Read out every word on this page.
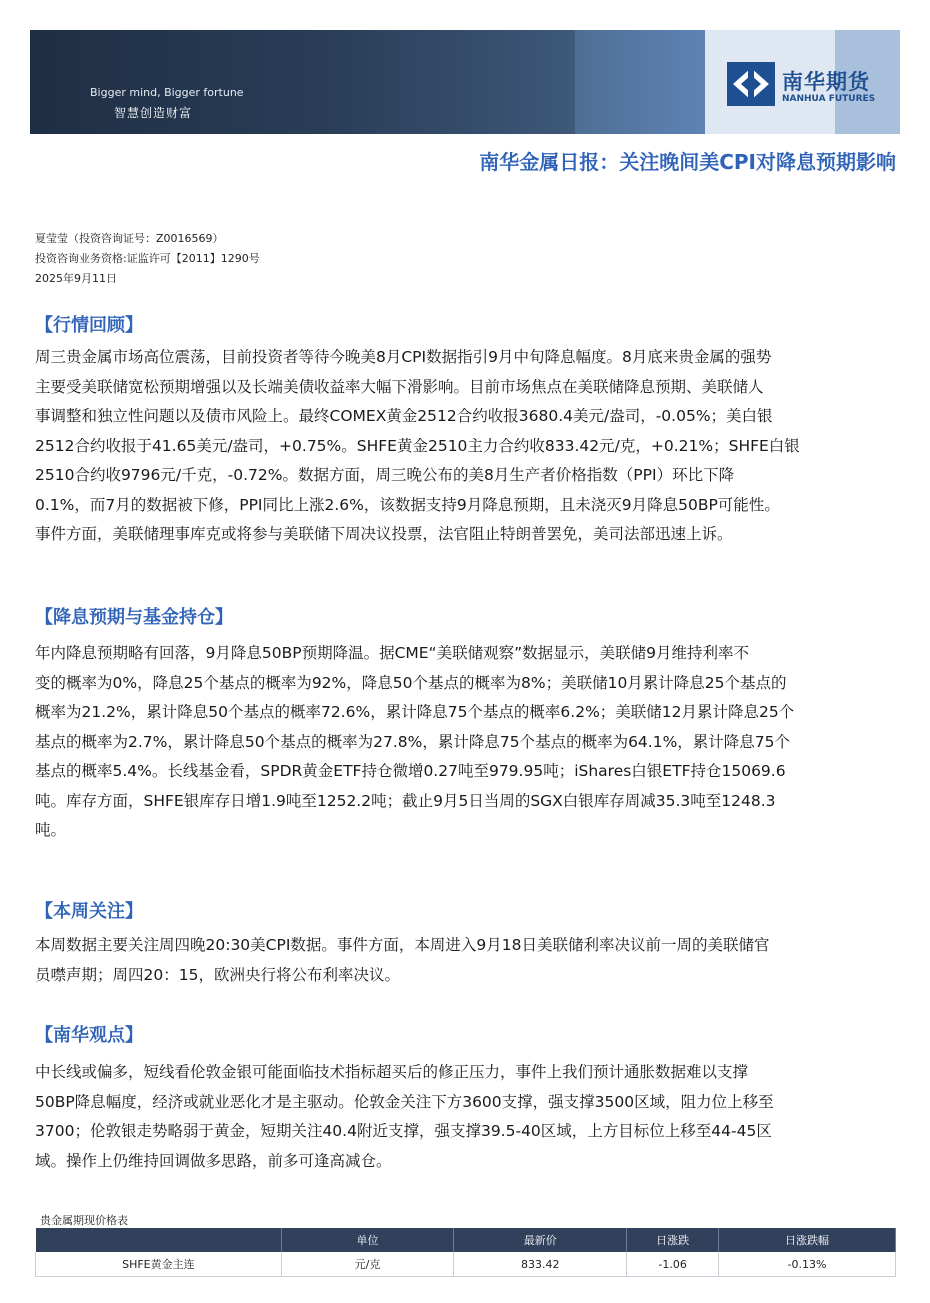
Bigger mind, Bigger fortune
智慧创造财富
南华期货
NANHUA FUTURES
南华金属日报：关注晚间美CPI对降息预期影响
夏莹莹（投资咨询证号：Z0016569）
投资咨询业务资格:证监许可【2011】1290号
2025年9月11日
【行情回顾】
周三贵金属市场高位震荡，目前投资者等待今晚美8月CPI数据指引9月中旬降息幅度。8月底来贵金属的强势
主要受美联储宽松预期增强以及长端美债收益率大幅下滑影响。目前市场焦点在美联储降息预期、美联储人
事调整和独立性问题以及债市风险上。最终COMEX黄金2512合约收报3680.4美元/盎司，-0.05%；美白银
2512合约收报于41.65美元/盎司，+0.75%。SHFE黄金2510主力合约收833.42元/克，+0.21%；SHFE白银
2510合约收9796元/千克，-0.72%。数据方面，周三晚公布的美8月生产者价格指数（PPI）环比下降
0.1%，而7月的数据被下修，PPI同比上涨2.6%，该数据支持9月降息预期，且未浇灭9月降息50BP可能性。
事件方面，美联储理事库克或将参与美联储下周决议投票，法官阻止特朗普罢免，美司法部迅速上诉。
【降息预期与基金持仓】
年内降息预期略有回落，9月降息50BP预期降温。据CME“美联储观察”数据显示，美联储9月维持利率不
变的概率为0%，降息25个基点的概率为92%，降息50个基点的概率为8%；美联储10月累计降息25个基点的
概率为21.2%，累计降息50个基点的概率72.6%，累计降息75个基点的概率6.2%；美联储12月累计降息25个
基点的概率为2.7%，累计降息50个基点的概率为27.8%，累计降息75个基点的概率为64.1%，累计降息75个
基点的概率5.4%。长线基金看，SPDR黄金ETF持仓微增0.27吨至979.95吨；iShares白银ETF持仓15069.6
吨。库存方面，SHFE银库存日增1.9吨至1252.2吨；截止9月5日当周的SGX白银库存周减35.3吨至1248.3
吨。
【本周关注】
本周数据主要关注周四晚20:30美CPI数据。事件方面，本周进入9月18日美联储利率决议前一周的美联储官
员噤声期；周四20：15，欧洲央行将公布利率决议。
【南华观点】
中长线或偏多，短线看伦敦金银可能面临技术指标超买后的修正压力，事件上我们预计通胀数据难以支撑
50BP降息幅度，经济或就业恶化才是主驱动。伦敦金关注下方3600支撑，强支撑3500区域，阻力位上移至
3700；伦敦银走势略弱于黄金，短期关注40.4附近支撑，强支撑39.5-40区域，上方目标位上移至44-45区
域。操作上仍维持回调做多思路，前多可逢高减仓。
贵金属期现价格表
	单位	最新价	日涨跌	日涨跌幅
SHFE黄金主连	元/克	833.42	-1.06	-0.13%
